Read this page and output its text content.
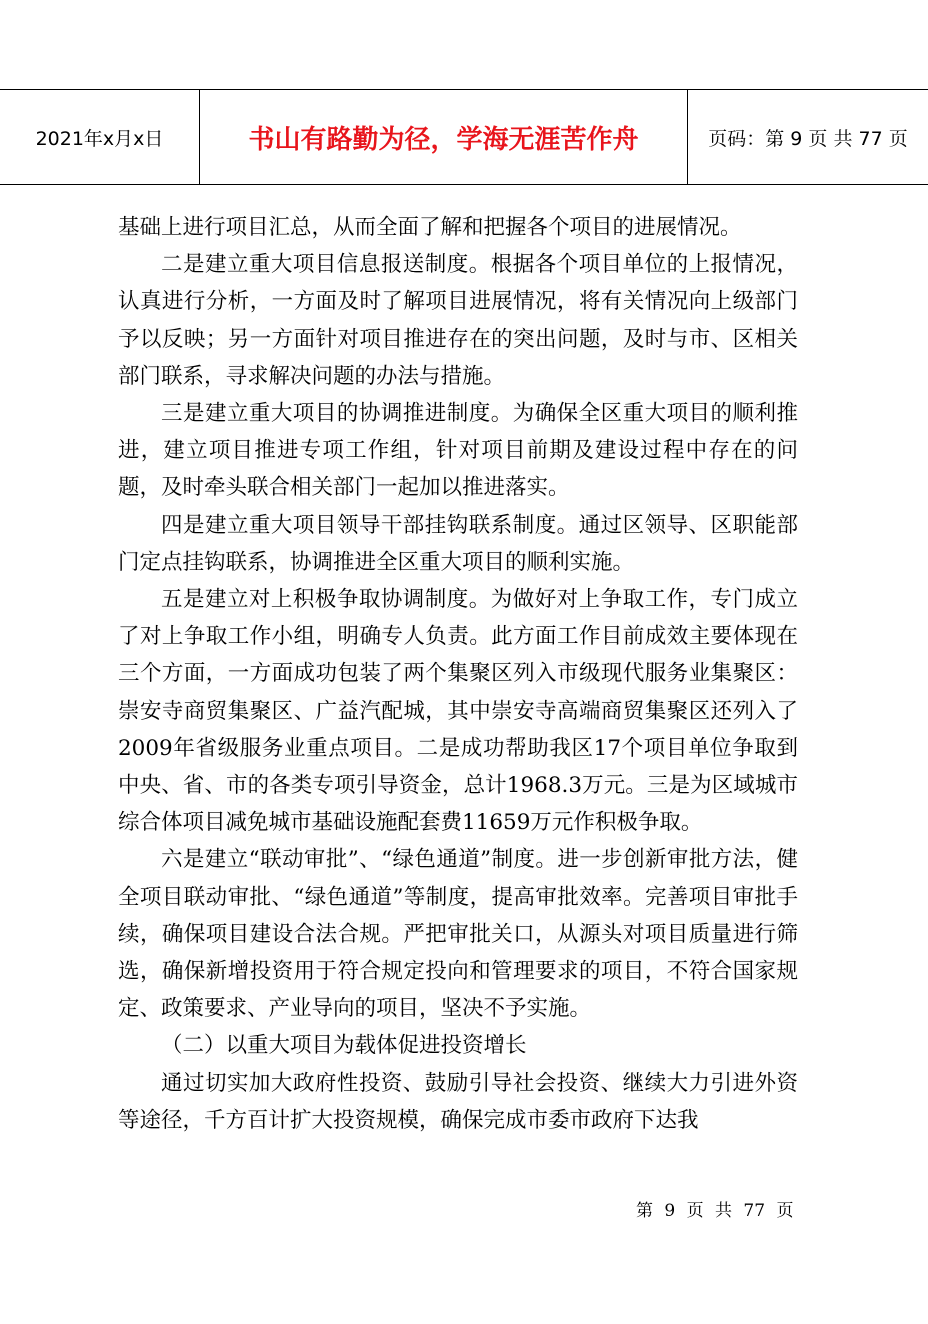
2021年x月x日	书山有路勤为径，学海无涯苦作舟	页码：第 9 页 共 77 页

基础上进行项目汇总，从而全面了解和把握各个项目的进展情况。

二是建立重大项目信息报送制度。根据各个项目单位的上报情况，认真进行分析，一方面及时了解项目进展情况，将有关情况向上级部门予以反映；另一方面针对项目推进存在的突出问题，及时与市、区相关部门联系，寻求解决问题的办法与措施。

三是建立重大项目的协调推进制度。为确保全区重大项目的顺利推进，建立项目推进专项工作组，针对项目前期及建设过程中存在的问题，及时牵头联合相关部门一起加以推进落实。

四是建立重大项目领导干部挂钩联系制度。通过区领导、区职能部门定点挂钩联系，协调推进全区重大项目的顺利实施。

五是建立对上积极争取协调制度。为做好对上争取工作，专门成立了对上争取工作小组，明确专人负责。此方面工作目前成效主要体现在三个方面，一方面成功包装了两个集聚区列入市级现代服务业集聚区：崇安寺商贸集聚区、广益汽配城，其中崇安寺高端商贸集聚区还列入了2009年省级服务业重点项目。二是成功帮助我区17个项目单位争取到中央、省、市的各类专项引导资金，总计1968.3万元。三是为区域城市综合体项目减免城市基础设施配套费11659万元作积极争取。

六是建立“联动审批”、“绿色通道”制度。进一步创新审批方法，健全项目联动审批、“绿色通道”等制度，提高审批效率。完善项目审批手续，确保项目建设合法合规。严把审批关口，从源头对项目质量进行筛选，确保新增投资用于符合规定投向和管理要求的项目，不符合国家规定、政策要求、产业导向的项目，坚决不予实施。

（二）以重大项目为载体促进投资增长

通过切实加大政府性投资、鼓励引导社会投资、继续大力引进外资等途径，千方百计扩大投资规模，确保完成市委市政府下达我

第 9 页 共 77 页
